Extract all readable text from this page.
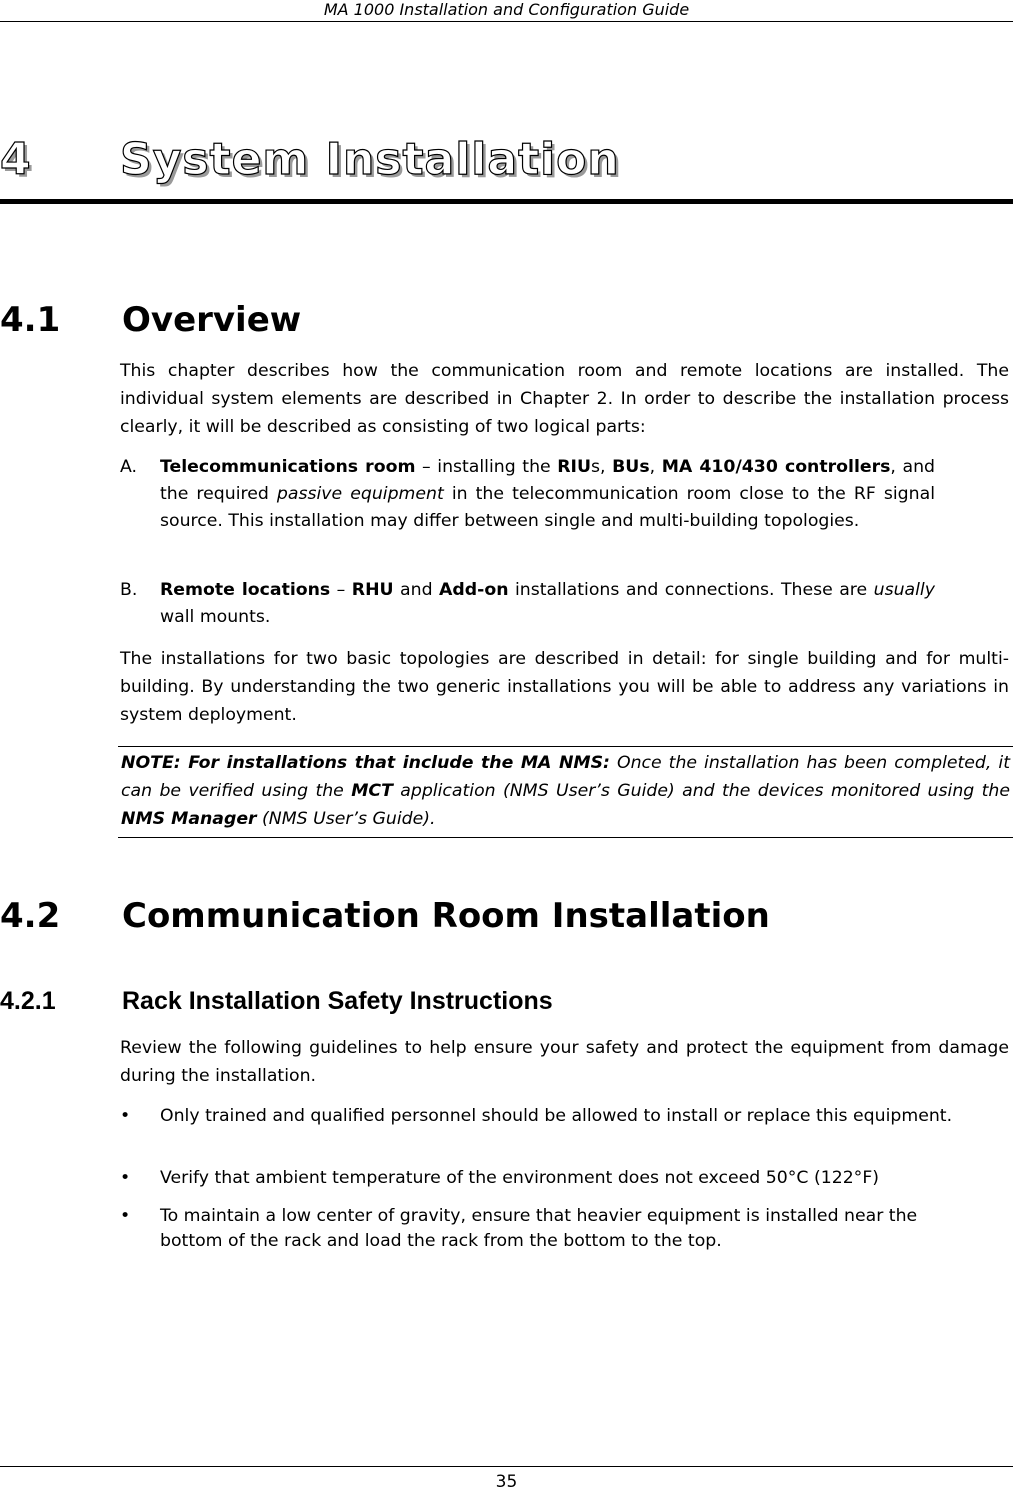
MA 1000 Installation and Configuration Guide
4 System Installation
4.1 Overview

This chapter describes how the communication room and remote locations are installed. The individual system elements are described in Chapter 2. In order to describe the installation process clearly, it will be described as consisting of two logical parts:

A. Telecommunications room – installing the RIUs, BUs, MA 410/430 controllers, and the required passive equipment in the telecommunication room close to the RF signal source. This installation may differ between single and multi-building topologies.
B. Remote locations – RHU and Add-on installations and connections. These are usually wall mounts.

The installations for two basic topologies are described in detail: for single building and for multi-building. By understanding the two generic installations you will be able to address any variations in system deployment.

NOTE: For installations that include the MA NMS: Once the installation has been completed, it can be verified using the MCT application (NMS User’s Guide) and the devices monitored using the NMS Manager (NMS User’s Guide).

4.2 Communication Room Installation
4.2.1	Rack Installation Safety Instructions

Review the following guidelines to help ensure your safety and protect the equipment from damage during the installation.

• Only trained and qualified personnel should be allowed to install or replace this equipment.
• Verify that ambient temperature of the environment does not exceed 50°C (122°F)
• To maintain a low center of gravity, ensure that heavier equipment is installed near the bottom of the rack and load the rack from the bottom to the top.
35
